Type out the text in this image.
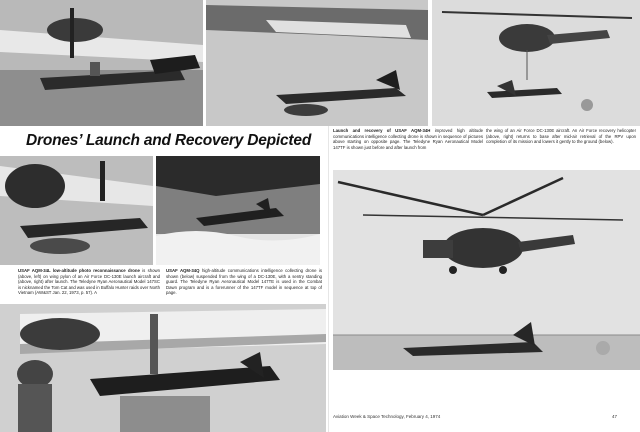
Drones’ Launch and Recovery Depicted
Launch and recovery of USAF AQM-34H improved high altitude communications intelligence collecting drone is shown in sequence of pictures above starting on opposite page. The Teledyne Ryan Aeronautical Model 147TF is shown just before and after launch from
the wing of an Air Force DC-130E aircraft. An Air Force recovery helicopter (above, right) returns to base after mid-air retrieval of the RPV upon completion of its mission and lowers it gently to the ground (below).
USAF AQM-34L low-altitude photo reconnaissance drone is shown (above, left) on wing pylon of an Air Force DC-130E launch aircraft and (above, right) after launch. The Teledyne Ryan Aeronautical Model 147SC is nicknamed the Tom Cat and was used in Buffalo Hunter raids over North Vietnam (AW&ST Jan. 22, 1973, p. 57). A
USAF AQM-34Q high-altitude communications intelligence collecting drone is shown (below) suspended from the wing of a DC-130E, with a sentry standing guard. The Teledyne Ryan Aeronautical Model 147TE is used in the Combat Dawn program and is a forerunner of the 147TF model in sequence at top of page.
Aviation Week & Space Technology, February 4, 1974	47
